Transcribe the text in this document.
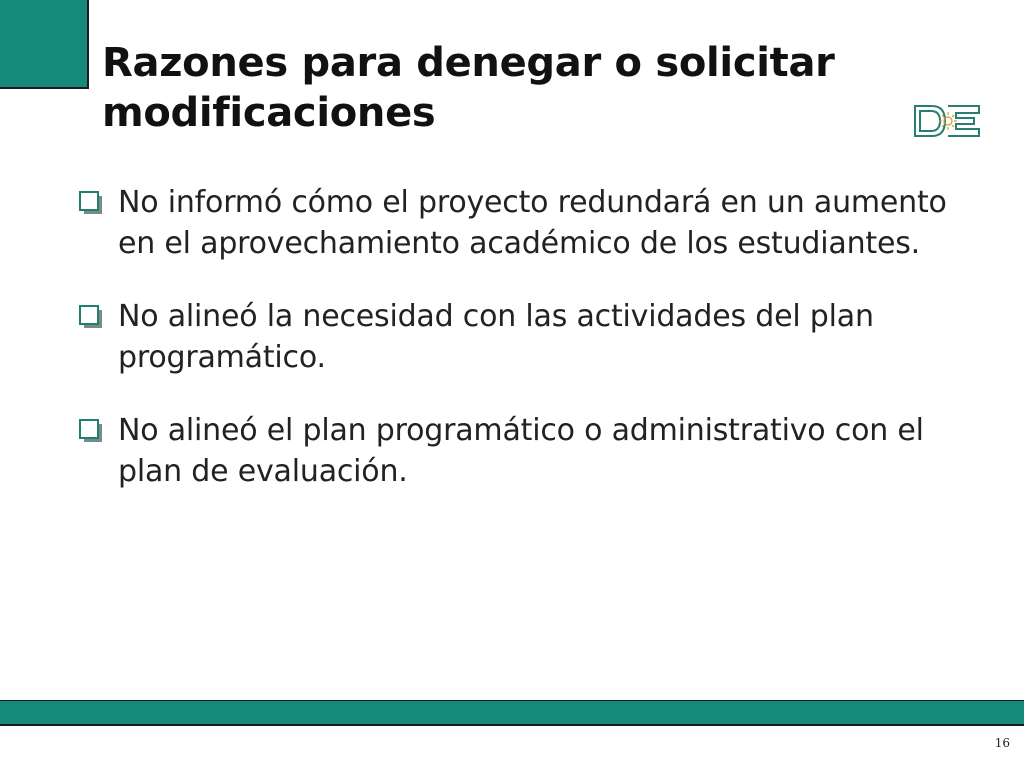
Razones para denegar o solicitar modificaciones
No informó cómo el proyecto redundará en un aumento en el aprovechamiento académico de los estudiantes.
No alineó la necesidad con las actividades del plan programático.
No alineó el plan programático o administrativo con el plan de evaluación.
16
